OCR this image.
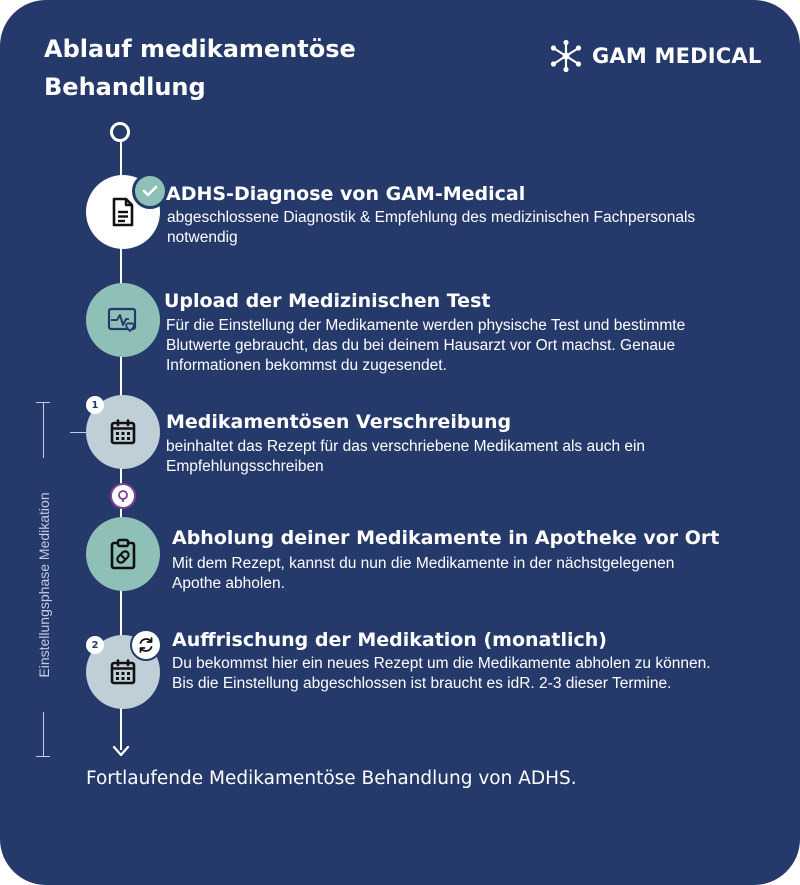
Ablauf medikamentöse
Behandlung
GAM MEDICAL
Einstellungsphase Medikation
ADHS-Diagnose von GAM-Medical
abgeschlossene Diagnostik & Empfehlung des medizinischen Fachpersonals notwendig
Upload der Medizinischen Test
Für die Einstellung der Medikamente werden physische Test und bestimmte Blutwerte gebraucht, das du bei deinem Hausarzt vor Ort machst. Genaue Informationen bekommst du zugesendet.
1
Medikamentösen Verschreibung
beinhaltet das Rezept für das verschriebene Medikament als auch ein Empfehlungsschreiben
Abholung deiner Medikamente in Apotheke vor Ort
Mit dem Rezept, kannst du nun die Medikamente in der nächstgelegenen Apothe abholen.
2	Auffrischung der Medikation (monatlich)
Du bekommst hier ein neues Rezept um die Medikamente abholen zu können. Bis die Einstellung abgeschlossen ist braucht es idR. 2-3 dieser Termine.
Fortlaufende Medikamentöse Behandlung von ADHS.
